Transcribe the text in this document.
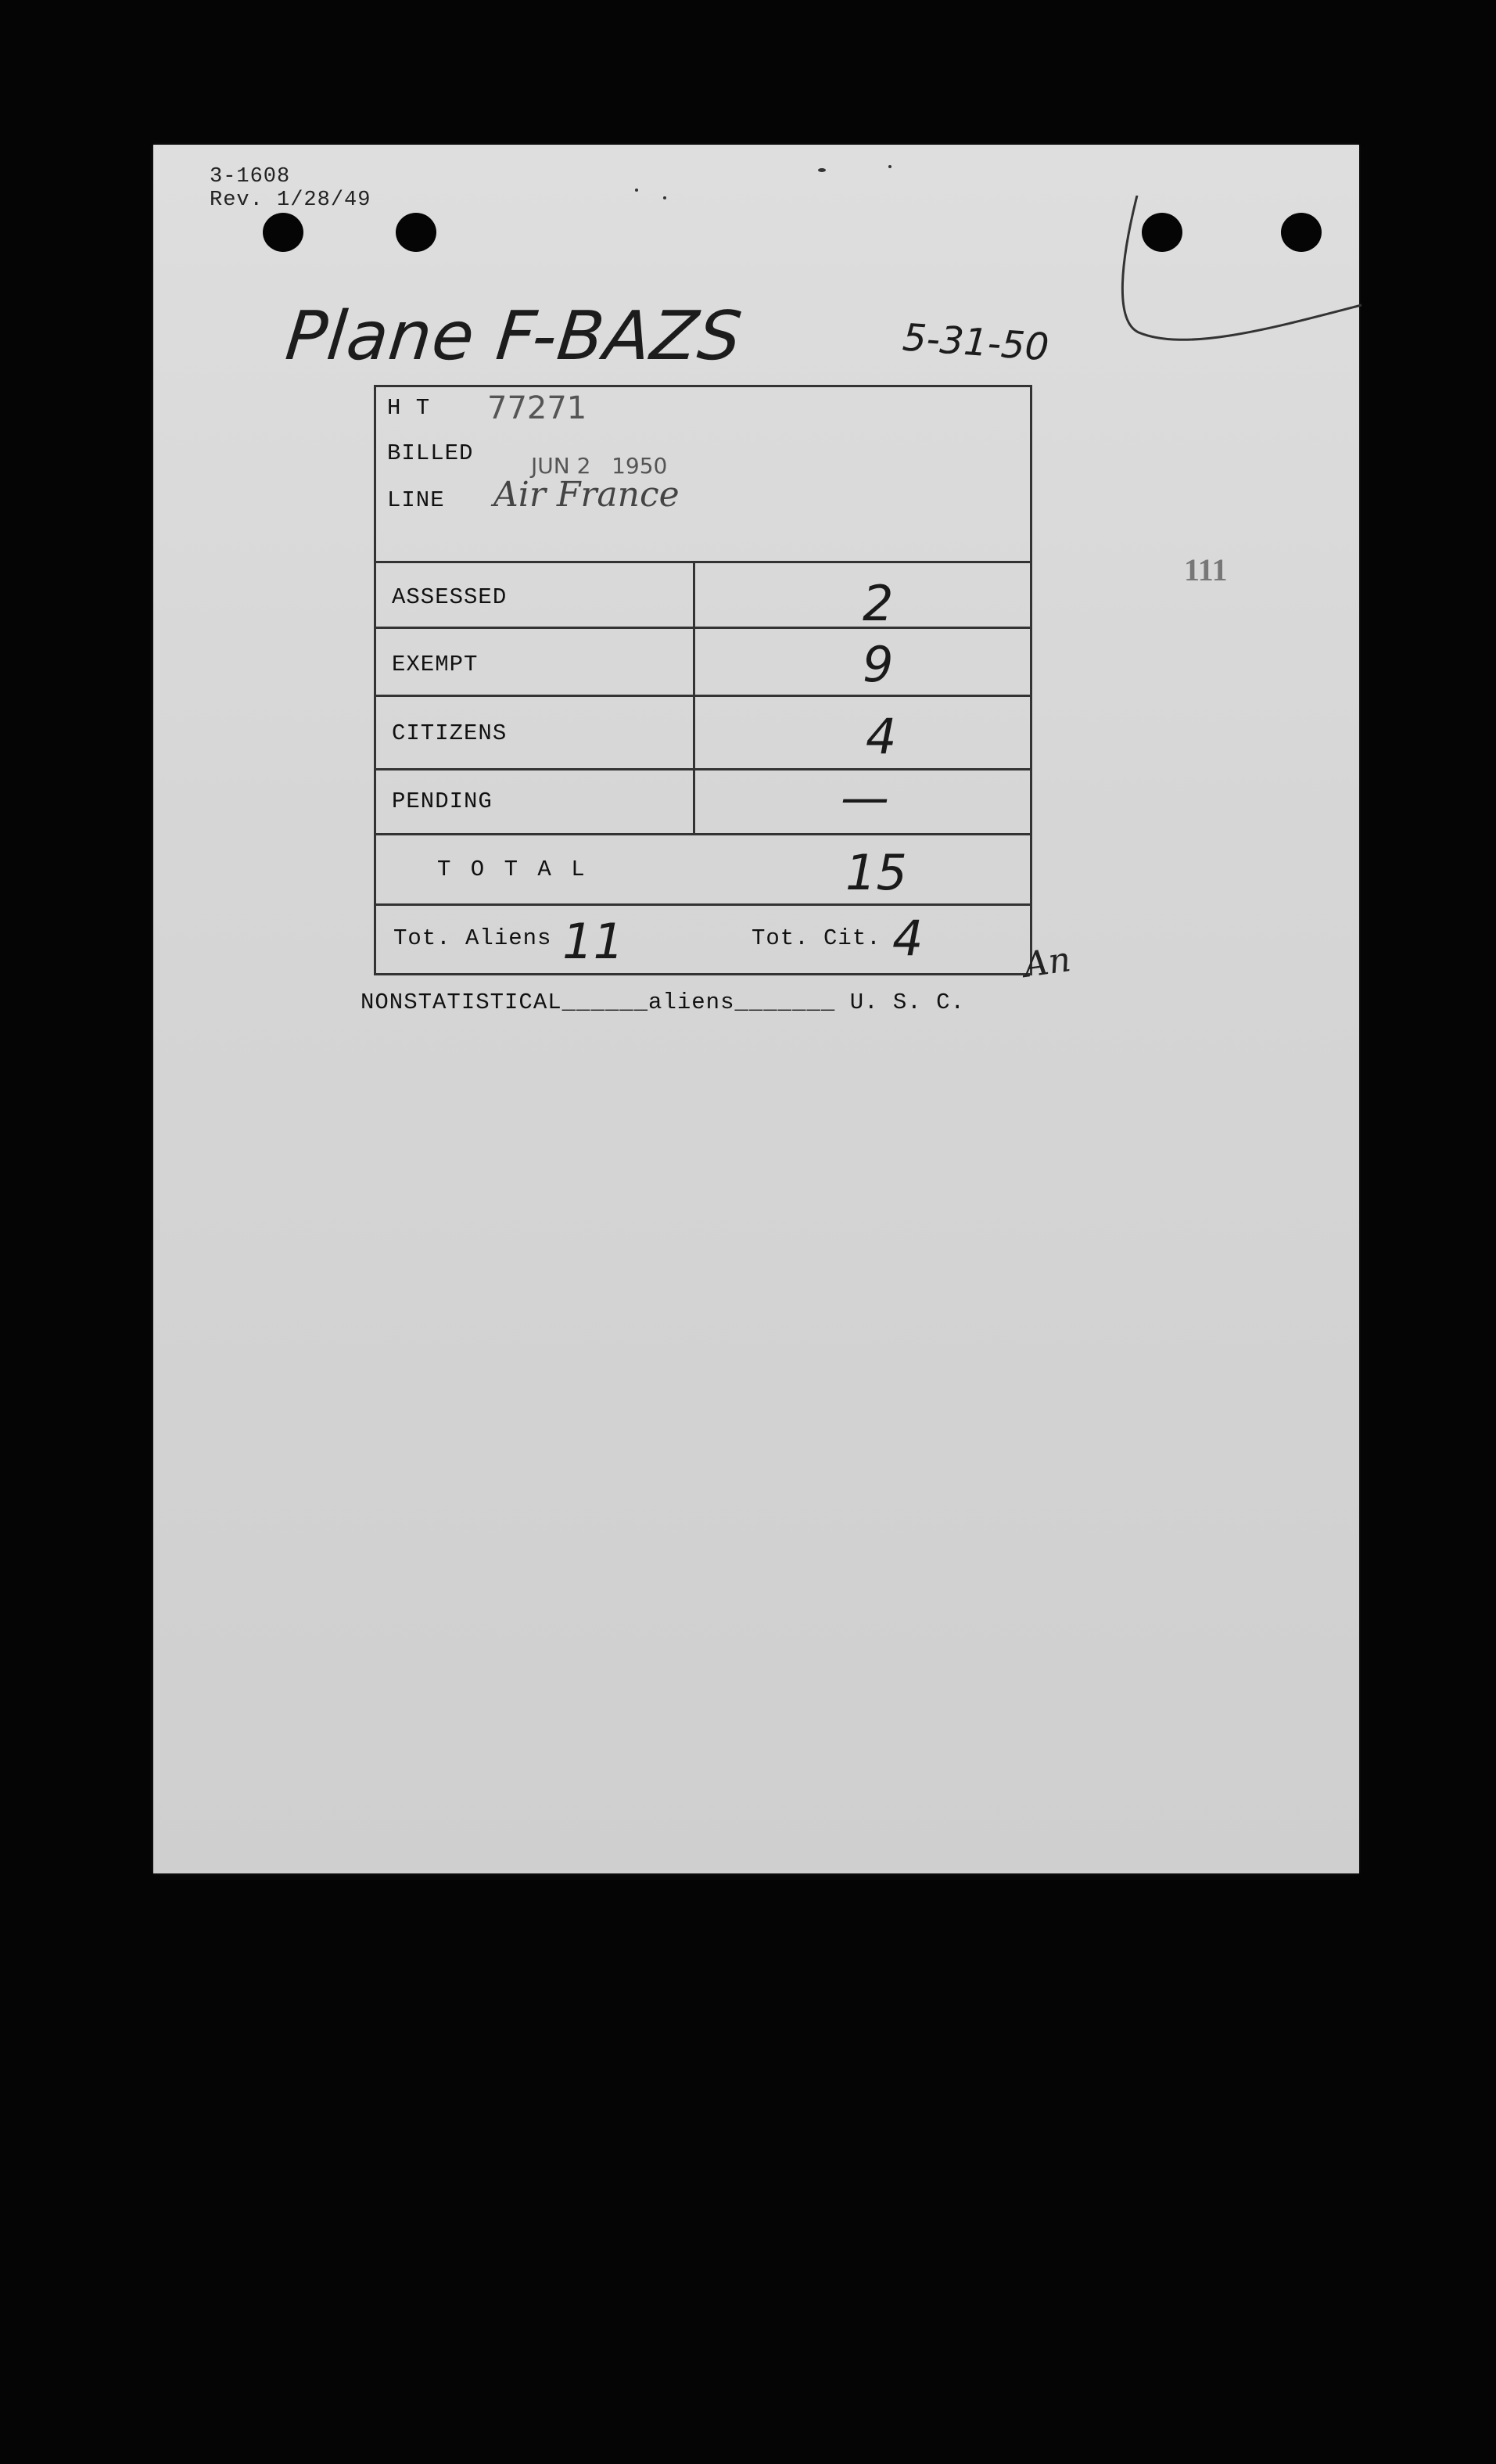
3-1608
Rev. 1/28/49
Plane F-BAZS	5-31-50
111
H T 77271
BILLED	JUN 2   1950
LINE Air France
ASSESSED	2
EXEMPT	9
CITIZENS	4
PENDING	—
T O T A L	15
Tot. Aliens 11	Tot. Cit. 4	An
NONSTATISTICAL______aliens_______ U. S. C.
